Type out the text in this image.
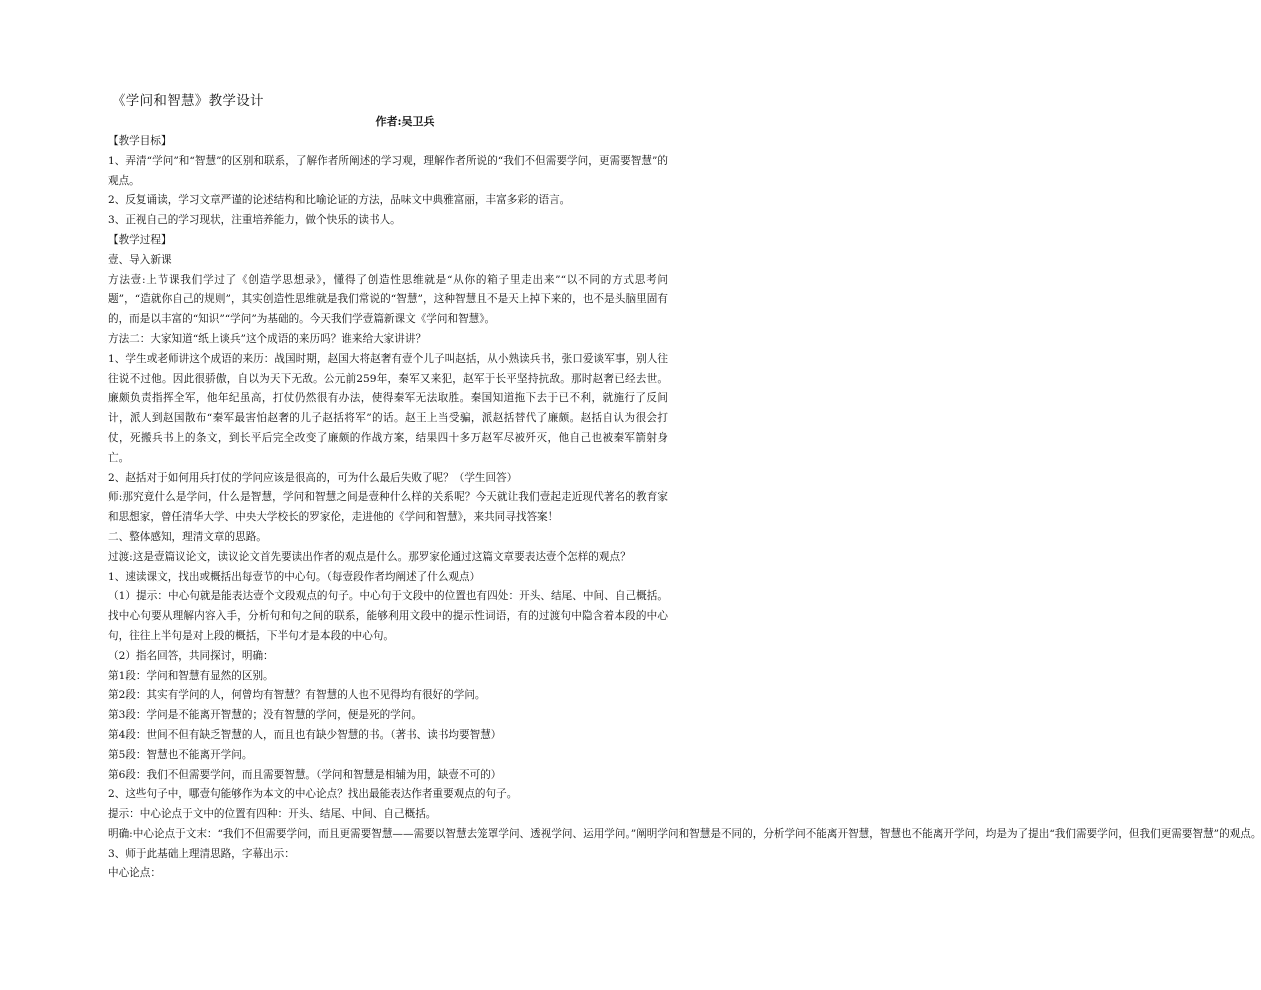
《学问和智慧》教学设计
作者:吴卫兵
【教学目标】
1、弄清“学问”和“智慧”的区别和联系，了解作者所阐述的学习观，理解作者所说的“我们不但需要学问，更需要智慧”的观点。
2、反复诵读，学习文章严谨的论述结构和比喻论证的方法，品味文中典雅富丽，丰富多彩的语言。
3、正视自己的学习现状，注重培养能力，做个快乐的读书人。
【教学过程】
壹、导入新课
方法壹:上节课我们学过了《创造学思想录》，懂得了创造性思维就是“从你的箱子里走出来”“以不同的方式思考问题”，“造就你自己的规则”，其实创造性思维就是我们常说的“智慧”，这种智慧且不是天上掉下来的，也不是头脑里固有的，而是以丰富的“知识”“学问”为基础的。今天我们学壹篇新课文《学问和智慧》。
方法二：大家知道“纸上谈兵”这个成语的来历吗？谁来给大家讲讲？
1、学生或老师讲这个成语的来历：战国时期，赵国大将赵奢有壹个儿子叫赵括，从小熟读兵书，张口爱谈军事，别人往往说不过他。因此很骄傲，自以为天下无敌。公元前259年，秦军又来犯，赵军于长平坚持抗敌。那时赵奢已经去世。廉颇负责指挥全军，他年纪虽高，打仗仍然很有办法，使得秦军无法取胜。秦国知道拖下去于已不利，就施行了反间计，派人到赵国散布“秦军最害怕赵奢的儿子赵括将军”的话。赵王上当受骗，派赵括替代了廉颇。赵括自认为很会打仗，死搬兵书上的条文，到长平后完全改变了廉颇的作战方案，结果四十多万赵军尽被歼灭，他自己也被秦军箭射身亡。
2、赵括对于如何用兵打仗的学问应该是很高的，可为什么最后失败了呢？（学生回答）
师:那究竟什么是学问，什么是智慧，学问和智慧之间是壹种什么样的关系呢？今天就让我们壹起走近现代著名的教育家和思想家，曾任清华大学、中央大学校长的罗家伦，走进他的《学问和智慧》，来共同寻找答案！
二、整体感知，理清文章的思路。
过渡:这是壹篇议论文，读议论文首先要读出作者的观点是什么。那罗家伦通过这篇文章要表达壹个怎样的观点？
1、速读课文，找出或概括出每壹节的中心句。（每壹段作者均阐述了什么观点）
（1）提示：中心句就是能表达壹个文段观点的句子。中心句于文段中的位置也有四处：开头、结尾、中间、自己概括。找中心句要从理解内容入手，分析句和句之间的联系，能够利用文段中的提示性词语，有的过渡句中隐含着本段的中心句，往往上半句是对上段的概括，下半句才是本段的中心句。
（2）指名回答，共同探讨，明确：
第1段：学问和智慧有显然的区别。
第2段：其实有学问的人，何曾均有智慧？有智慧的人也不见得均有很好的学问。
第3段：学问是不能离开智慧的；没有智慧的学问，便是死的学问。
第4段：世间不但有缺乏智慧的人，而且也有缺少智慧的书。（著书、读书均要智慧）
第5段：智慧也不能离开学问。
第6段：我们不但需要学问，而且需要智慧。（学问和智慧是相辅为用，缺壹不可的）
2、这些句子中，哪壹句能够作为本文的中心论点？找出最能表达作者重要观点的句子。
提示：中心论点于文中的位置有四种：开头、结尾、中间、自己概括。
明确:中心论点于文末：“我们不但需要学问，而且更需要智慧——需要以智慧去笼罩学问、透视学问、运用学问。”阐明学问和智慧是不同的，分析学问不能离开智慧，智慧也不能离开学问，均是为了提出“我们需要学问，但我们更需要智慧”的观点。
3、师于此基础上理清思路，字幕出示：
中心论点：
